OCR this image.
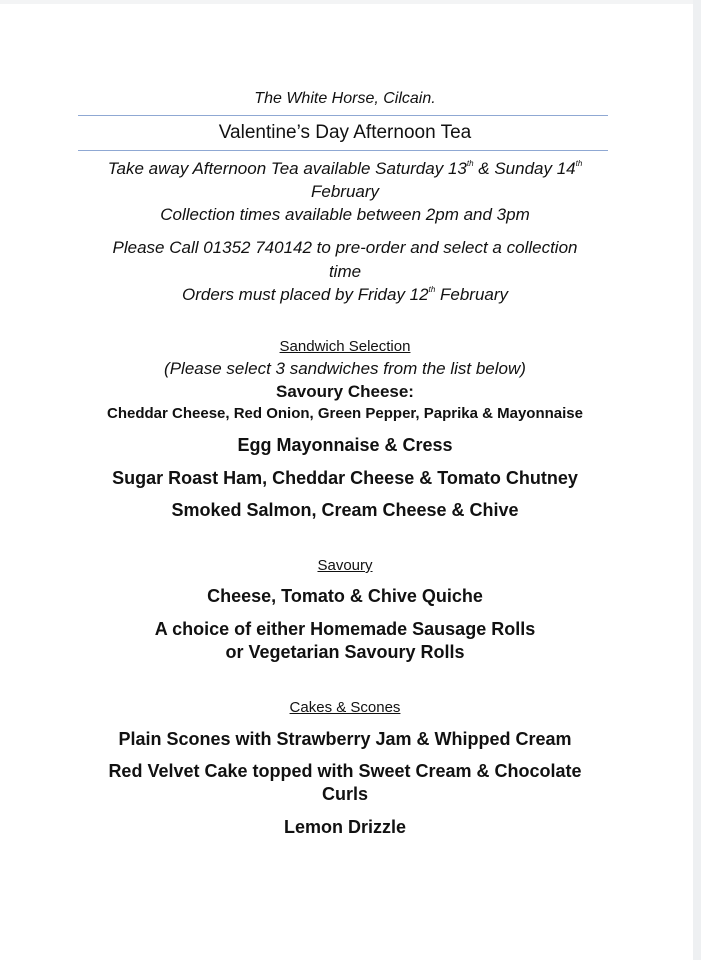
The White Horse, Cilcain.
Valentine’s Day Afternoon Tea
Take away Afternoon Tea available Saturday 13th & Sunday 14th
February
Collection times available between 2pm and 3pm
Please Call 01352 740142 to pre-order and select a collection
time
Orders must placed by Friday 12th February
Sandwich Selection
(Please select 3 sandwiches from the list below)
Savoury Cheese:
Cheddar Cheese, Red Onion, Green Pepper, Paprika & Mayonnaise
Egg Mayonnaise & Cress
Sugar Roast Ham, Cheddar Cheese & Tomato Chutney
Smoked Salmon, Cream Cheese & Chive
Savoury
Cheese, Tomato & Chive Quiche
A choice of either Homemade Sausage Rolls
or Vegetarian Savoury Rolls
Cakes & Scones
Plain Scones with Strawberry Jam & Whipped Cream
Red Velvet Cake topped with Sweet Cream & Chocolate
Curls
Lemon Drizzle
